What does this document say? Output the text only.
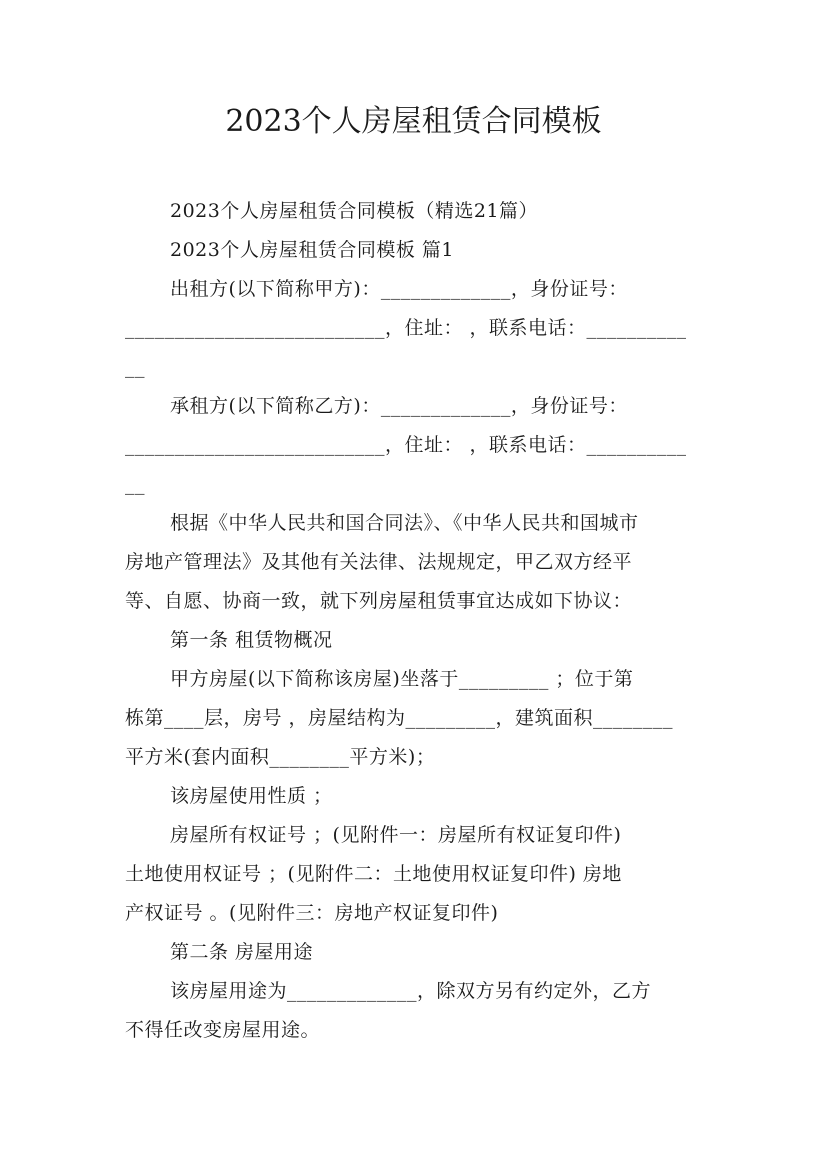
2023个人房屋租赁合同模板
2023个人房屋租赁合同模板（精选21篇）
2023个人房屋租赁合同模板 篇1
出租方(以下简称甲方)：_____________，身份证号：
__________________________，住址： ，联系电话：__________
__
承租方(以下简称乙方)：_____________，身份证号：
__________________________，住址： ，联系电话：__________
__
根据《中华人民共和国合同法》、《中华人民共和国城市
房地产管理法》及其他有关法律、法规规定，甲乙双方经平
等、自愿、协商一致，就下列房屋租赁事宜达成如下协议：
第一条 租赁物概况
甲方房屋(以下简称该房屋)坐落于_________ ；位于第
栋第____层，房号 ，房屋结构为_________，建筑面积________
平方米(套内面积________平方米)；
该房屋使用性质 ；
房屋所有权证号 ；(见附件一：房屋所有权证复印件)
土地使用权证号 ；(见附件二：土地使用权证复印件) 房地
产权证号 。(见附件三：房地产权证复印件)
第二条 房屋用途
该房屋用途为_____________，除双方另有约定外，乙方
不得任改变房屋用途。
